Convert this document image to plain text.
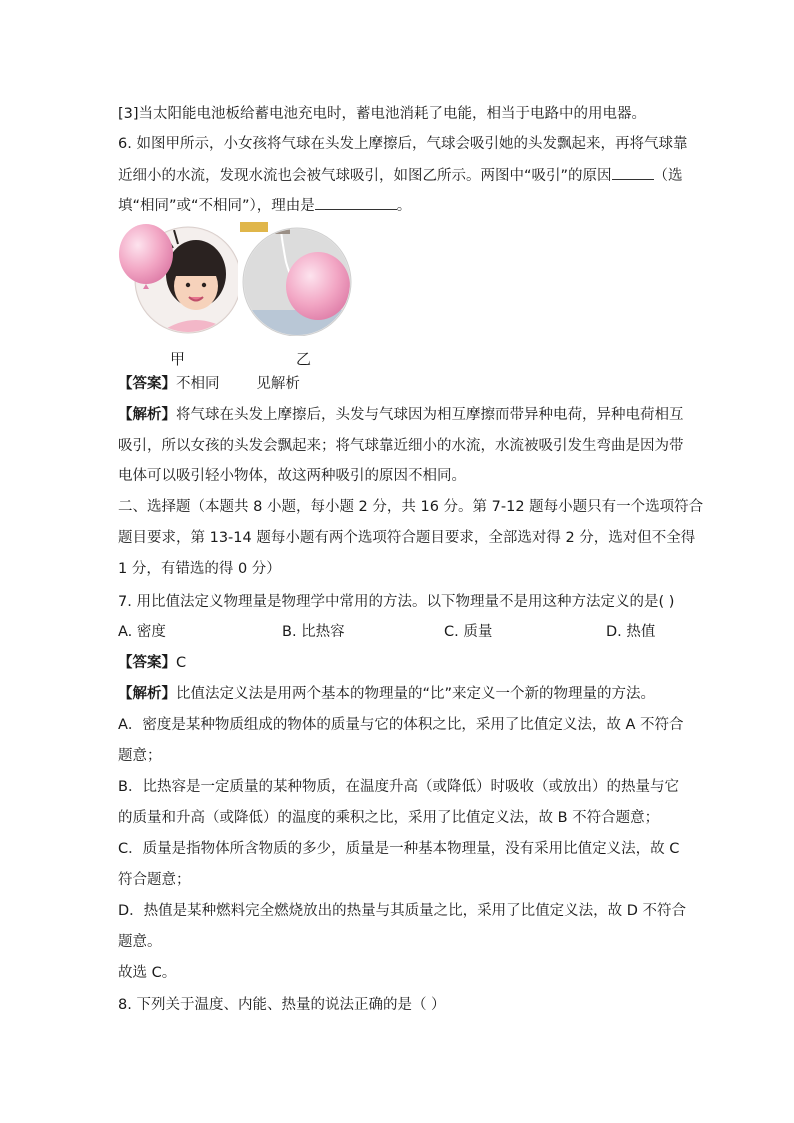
[3]当太阳能电池板给蓄电池充电时，蓄电池消耗了电能，相当于电路中的用电器。
6. 如图甲所示，小女孩将气球在头发上摩擦后，气球会吸引她的头发飘起来，再将气球靠
近细小的水流，发现水流也会被气球吸引，如图乙所示。两图中“吸引”的原因	（选
填“相同”或“不相同”），理由是	。
甲	乙
【答案】不相同        见解析
【解析】将气球在头发上摩擦后，头发与气球因为相互摩擦而带异种电荷，异种电荷相互
吸引，所以女孩的头发会飘起来；将气球靠近细小的水流，水流被吸引发生弯曲是因为带
电体可以吸引轻小物体，故这两种吸引的原因不相同。
二、选择题（本题共 8 小题，每小题 2 分，共 16 分。第 7-12 题每小题只有一个选项符合
题目要求，第 13-14 题每小题有两个选项符合题目要求，全部选对得 2 分，选对但不全得
1 分，有错选的得 0 分）
7. 用比值法定义物理量是物理学中常用的方法。以下物理量不是用这种方法定义的是( )
A. 密度	B. 比热容	C. 质量	D. 热值
【答案】C
【解析】比值法定义法是用两个基本的物理量的“比”来定义一个新的物理量的方法。
A．密度是某种物质组成的物体的质量与它的体积之比，采用了比值定义法，故 A 不符合
题意；
B．比热容是一定质量的某种物质，在温度升高（或降低）时吸收（或放出）的热量与它
的质量和升高（或降低）的温度的乘积之比，采用了比值定义法，故 B 不符合题意；
C．质量是指物体所含物质的多少，质量是一种基本物理量，没有采用比值定义法，故 C
符合题意；
D．热值是某种燃料完全燃烧放出的热量与其质量之比，采用了比值定义法，故 D 不符合
题意。
故选 C。
8. 下列关于温度、内能、热量的说法正确的是（ ）
